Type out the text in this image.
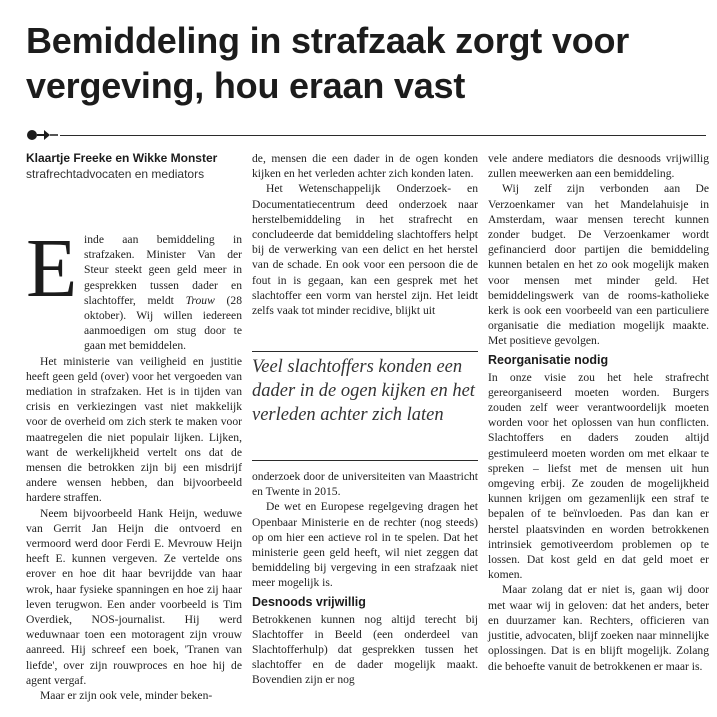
Bemiddeling in strafzaak zorgt voor vergeving, hou eraan vast
Klaartje Freeke en Wikke Monster
strafrechtadvocaten en mediators
E inde aan bemiddeling in strafzaken. Minister Van der Steur steekt geen geld meer in gesprekken tussen dader en slachtoffer, meldt Trouw (28 oktober). Wij willen iedereen aanmoedigen om stug door te gaan met bemiddelen.

Het ministerie van veiligheid en justitie heeft geen geld (over) voor het vergoeden van mediation in strafzaken. Het is in tijden van crisis en verkiezingen vast niet makkelijk voor de overheid om zich sterk te maken voor maatregelen die niet populair lijken. Lijken, want de werkelijkheid vertelt ons dat de mensen die betrokken zijn bij een misdrijf andere wensen hebben, dan bijvoorbeeld hardere straffen.

Neem bijvoorbeeld Hank Heijn, weduwe van Gerrit Jan Heijn die ontvoerd en vermoord werd door Ferdi E. Mevrouw Heijn heeft E. kunnen vergeven. Ze vertelde ons erover en hoe dit haar bevrijdde van haar wrok, haar fysieke spanningen en hoe zij haar leven terugwon. Een ander voorbeeld is Tim Overdiek, NOS-journalist. Hij werd weduwnaar toen een motoragent zijn vrouw aanreed. Hij schreef een boek, 'Tranen van liefde', over zijn rouwproces en hoe hij de agent vergaf.

Maar er zijn ook vele, minder beken-

de, mensen die een dader in de ogen konden kijken en het verleden achter zich konden laten.

Het Wetenschappelijk Onderzoek- en Documentatiecentrum deed onderzoek naar herstelbemiddeling in het strafrecht en concludeerde dat bemiddeling slachtoffers helpt bij de verwerking van een delict en het herstel van de schade. En ook voor een persoon die de fout in is gegaan, kan een gesprek met het slachtoffer een vorm van herstel zijn. Het leidt zelfs vaak tot minder recidive, blijkt uit

Veel slachtoffers konden een dader in de ogen kijken en het verleden achter zich laten

onderzoek door de universiteiten van Maastricht en Twente in 2015.

De wet en Europese regelgeving dragen het Openbaar Ministerie en de rechter (nog steeds) op om hier een actieve rol in te spelen. Dat het ministerie geen geld heeft, wil niet zeggen dat bemiddeling bij vergeving in een strafzaak niet meer mogelijk is.

Desnoods vrijwillig

Betrokkenen kunnen nog altijd terecht bij Slachtoffer in Beeld (een onderdeel van Slachtofferhulp) dat gesprekken tussen het slachtoffer en de dader mogelijk maakt. Bovendien zijn er nog

vele andere mediators die desnoods vrijwillig zullen meewerken aan een bemiddeling.

Wij zelf zijn verbonden aan De Verzoenkamer van het Mandelahuisje in Amsterdam, waar mensen terecht kunnen zonder budget. De Verzoenkamer wordt gefinancierd door partijen die bemiddeling kunnen betalen en het zo ook mogelijk maken voor mensen met minder geld. Het bemiddelingswerk van de rooms-katholieke kerk is ook een voorbeeld van een particuliere organisatie die mediation mogelijk maakte. Met positieve gevolgen.

Reorganisatie nodig

In onze visie zou het hele strafrecht gereorganiseerd moeten worden. Burgers zouden zelf weer verantwoordelijk moeten worden voor het oplossen van hun conflicten. Slachtoffers en daders zouden altijd gestimuleerd moeten worden om met elkaar te spreken – liefst met de mensen uit hun omgeving erbij. Ze zouden de mogelijkheid kunnen krijgen om gezamenlijk een straf te bepalen of te beïnvloeden. Pas dan kan er herstel plaatsvinden en worden betrokkenen intrinsiek gemotiveerdom problemen op te lossen. Dat kost geld en dat geld moet er komen.

Maar zolang dat er niet is, gaan wij door met waar wij in geloven: dat het anders, beter en duurzamer kan. Rechters, officieren van justitie, advocaten, blijf zoeken naar minnelijke oplossingen. Dat is en blijft mogelijk. Zolang die behoefte vanuit de betrokkenen er maar is.
